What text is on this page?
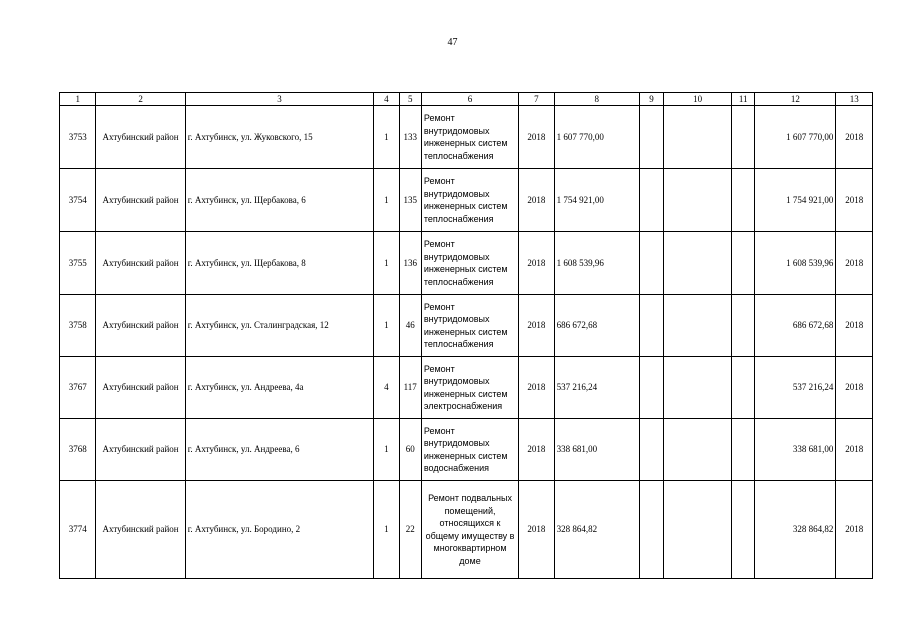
47
1	2	3	4	5	6	7	8	9	10	11	12	13
3753	Ахтубинский район	г. Ахтубинск, ул. Жуковского, 15	1	133	Ремонт внутридомовых инженерных систем теплоснабжения	2018	1 607 770,00				1 607 770,00	2018
3754	Ахтубинский район	г. Ахтубинск, ул. Щербакова, 6	1	135	Ремонт внутридомовых инженерных систем теплоснабжения	2018	1 754 921,00				1 754 921,00	2018
3755	Ахтубинский район	г. Ахтубинск, ул. Щербакова, 8	1	136	Ремонт внутридомовых инженерных систем теплоснабжения	2018	1 608 539,96				1 608 539,96	2018
3758	Ахтубинский район	г. Ахтубинск, ул. Сталинградская, 12	1	46	Ремонт внутридомовых инженерных систем теплоснабжения	2018	686 672,68				686 672,68	2018
3767	Ахтубинский район	г. Ахтубинск, ул. Андреева, 4а	4	117	Ремонт внутридомовых инженерных систем электроснабжения	2018	537 216,24				537 216,24	2018
3768	Ахтубинский район	г. Ахтубинск, ул. Андреева, 6	1	60	Ремонт внутридомовых инженерных систем водоснабжения	2018	338 681,00				338 681,00	2018
3774	Ахтубинский район	г. Ахтубинск, ул. Бородино, 2	1	22	Ремонт подвальных помещений, относящихся к общему имуществу в многоквартирном доме	2018	328 864,82				328 864,82	2018
